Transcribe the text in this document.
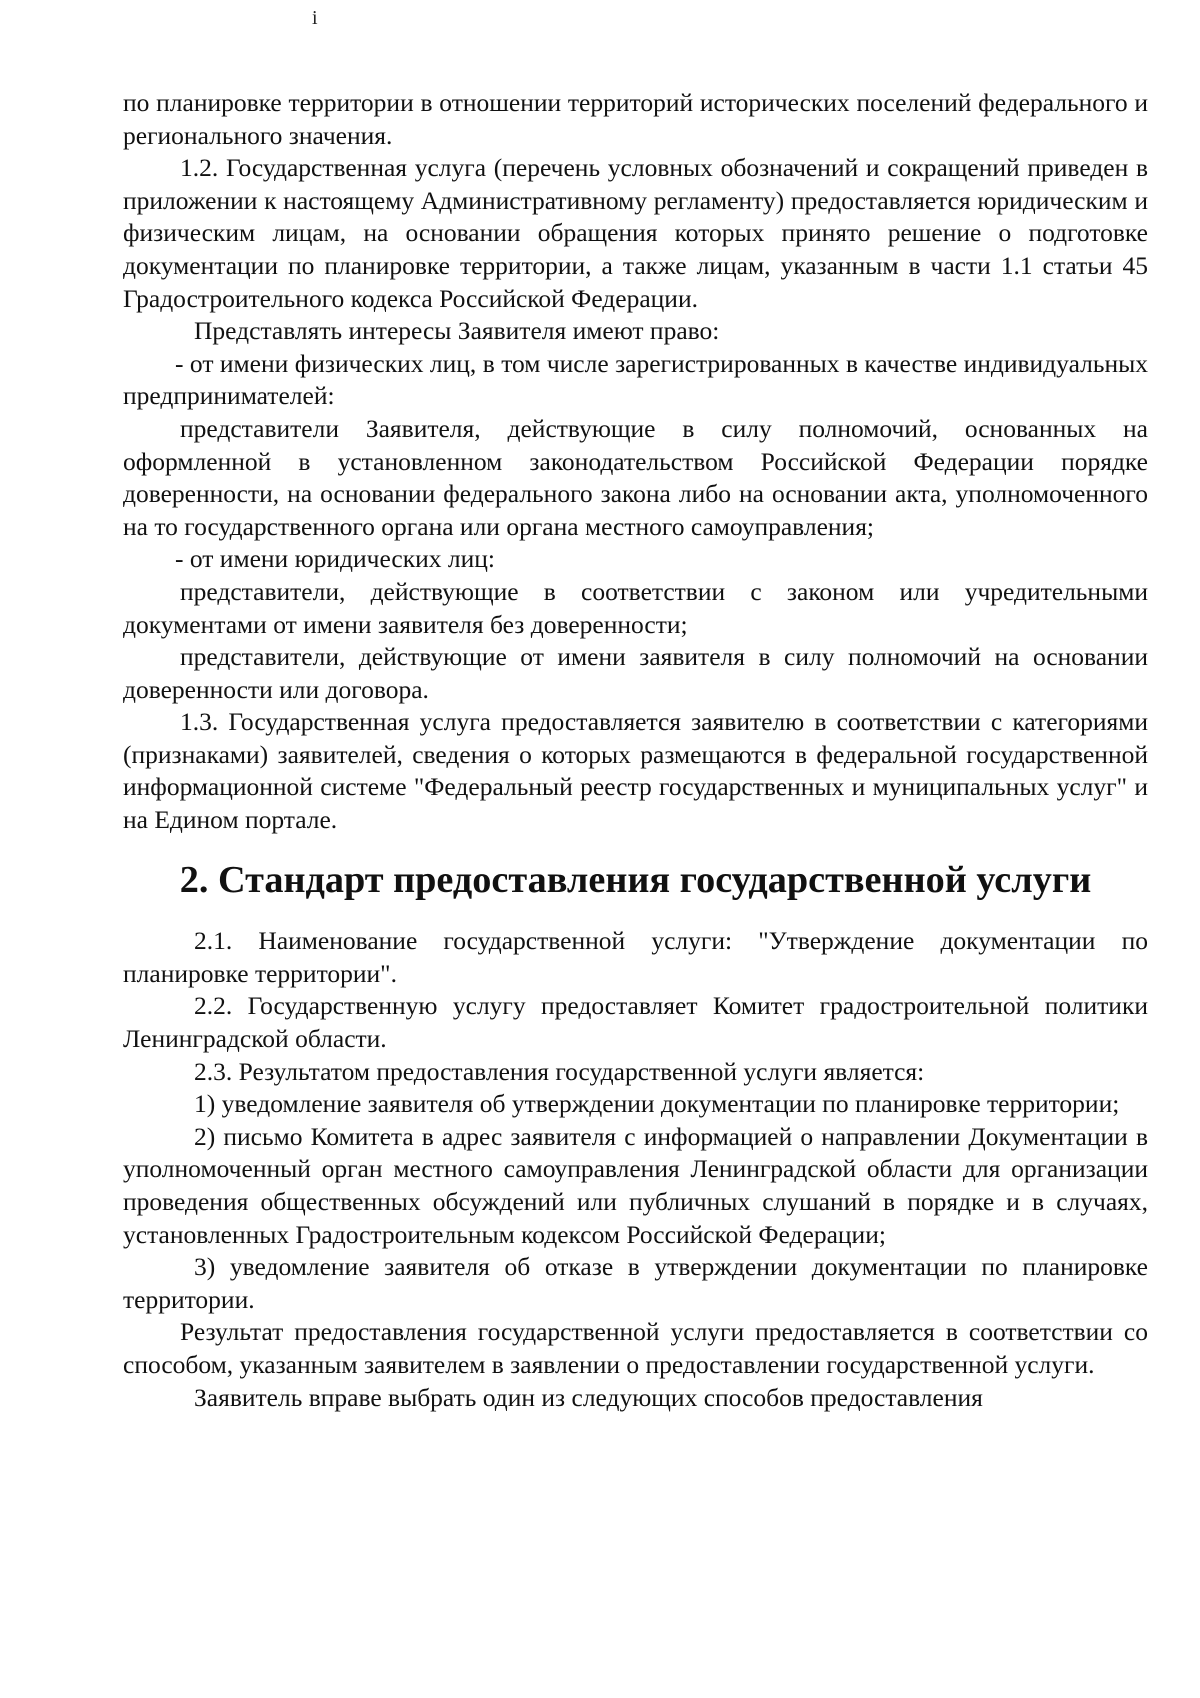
і

по планировке территории в отношении территорий исторических поселений федерального и регионального значения.

1.2. Государственная услуга (перечень условных обозначений и сокращений приведен в приложении к настоящему Административному регламенту) предоставляется юридическим и физическим лицам, на основании обращения которых принято решение о подготовке документации по планировке территории, а также лицам, указанным в части 1.1 статьи 45 Градостроительного кодекса Российской Федерации.

Представлять интересы Заявителя имеют право:

- от имени физических лиц, в том числе зарегистрированных в качестве индивидуальных предпринимателей:

представители Заявителя, действующие в силу полномочий, основанных на оформленной в установленном законодательством Российской Федерации порядке доверенности, на основании федерального закона либо на основании акта, уполномоченного на то государственного органа или органа местного самоуправления;

- от имени юридических лиц:

представители, действующие в соответствии с законом или учредительными документами от имени заявителя без доверенности;

представители, действующие от имени заявителя в силу полномочий на основании доверенности или договора.

1.3. Государственная услуга предоставляется заявителю в соответствии с категориями (признаками) заявителей, сведения о которых размещаются в федеральной государственной информационной системе "Федеральный реестр государственных и муниципальных услуг" и на Едином портале.

2. Стандарт предоставления государственной услуги

2.1. Наименование государственной услуги: "Утверждение документации по планировке территории".

2.2. Государственную услугу предоставляет Комитет градостроительной политики Ленинградской области.

2.3. Результатом предоставления государственной услуги является:

1) уведомление заявителя об утверждении документации по планировке территории;

2) письмо Комитета в адрес заявителя с информацией о направлении Документации в уполномоченный орган местного самоуправления Ленинградской области для организации проведения общественных обсуждений или публичных слушаний в порядке и в случаях, установленных Градостроительным кодексом Российской Федерации;

3) уведомление заявителя об отказе в утверждении документации по планировке территории.

Результат предоставления государственной услуги предоставляется в соответствии со способом, указанным заявителем в заявлении о предоставлении государственной услуги.

Заявитель вправе выбрать один из следующих способов предоставления
